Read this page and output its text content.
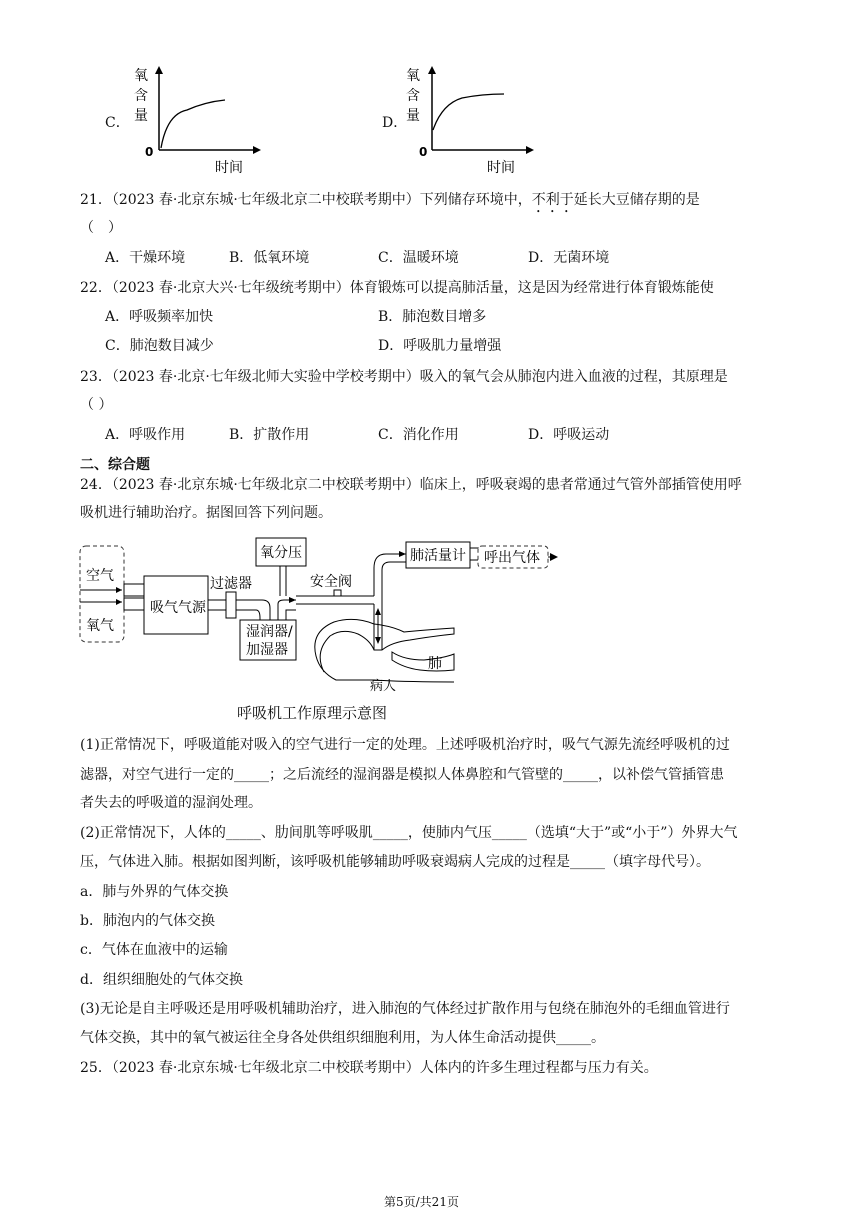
C．
氧
含
量
0
时间
D．
氧
含
量
0
时间
21．（2023 春·北京东城·七年级北京二中校联考期中）下列储存环境中，不利于延长大豆储存期的是
（　）
A．干燥环境	B．低氧环境	C．温暖环境	D．无菌环境
22．（2023 春·北京大兴·七年级统考期中）体育锻炼可以提高肺活量，这是因为经常进行体育锻炼能使
A．呼吸频率加快	B．肺泡数目增多
C．肺泡数目减少	D．呼吸肌力量增强
23．（2023 春·北京·七年级北师大实验中学校考期中）吸入的氧气会从肺泡内进入血液的过程，其原理是
（ ）
A．呼吸作用	B．扩散作用	C．消化作用	D．呼吸运动
二、综合题
24．（2023 春·北京东城·七年级北京二中校联考期中）临床上，呼吸衰竭的患者常通过气管外部插管使用呼
吸机进行辅助治疗。据图回答下列问题。
空气
氧气
吸气气源
过滤器
湿润器/
加湿器
氧分压
安全阀
肺活量计 呼出气体
肺
病人
呼吸机工作原理示意图
(1)正常情况下，呼吸道能对吸入的空气进行一定的处理。上述呼吸机治疗时，吸气气源先流经呼吸机的过
滤器，对空气进行一定的_____；之后流经的湿润器是模拟人体鼻腔和气管壁的_____，以补偿气管插管患
者失去的呼吸道的湿润处理。
(2)正常情况下，人体的_____、肋间肌等呼吸肌_____，使肺内气压_____（选填“大于”或“小于”）外界大气
压，气体进入肺。根据如图判断，该呼吸机能够辅助呼吸衰竭病人完成的过程是_____（填字母代号）。
a．肺与外界的气体交换
b．肺泡内的气体交换
c．气体在血液中的运输
d．组织细胞处的气体交换
(3)无论是自主呼吸还是用呼吸机辅助治疗，进入肺泡的气体经过扩散作用与包绕在肺泡外的毛细血管进行
气体交换，其中的氧气被运往全身各处供组织细胞利用，为人体生命活动提供_____。
25．（2023 春·北京东城·七年级北京二中校联考期中）人体内的许多生理过程都与压力有关。
第5页/共21页
